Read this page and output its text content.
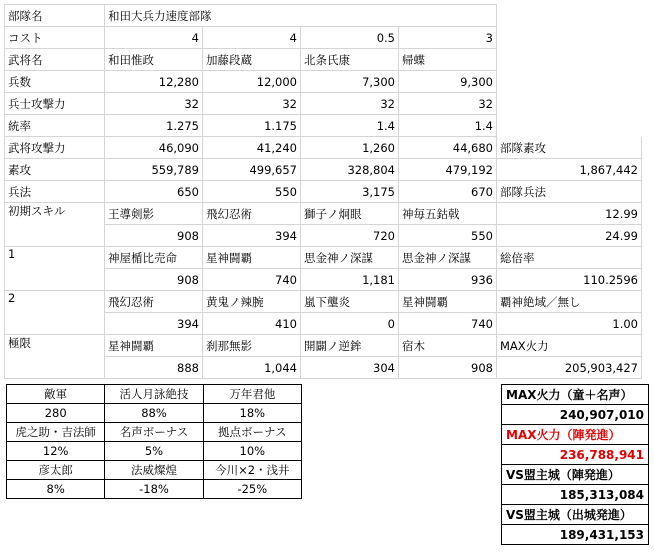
部隊名	和田大兵力速度部隊				
コスト	4	4	0.5	3	
武将名	和田惟政	加藤段蔵	北条氏康	帰蝶	
兵数	12,280	12,000	7,300	9,300	
兵士攻撃力	32	32	32	32	
統率	1.275	1.175	1.4	1.4	
武将攻撃力	46,090	41,240	1,260	44,680	部隊素攻
素攻	559,789	499,657	328,804	479,192	1,867,442
兵法	650	550	3,175	670	部隊兵法
初期スキル	王導剣影	飛幻忍術	獅子ノ炯眼	神毎五鈷戟	12.99
	908	394	720	550	24.99
1	神屋楯比売命	星神闘覇	思金神ノ深謀	思金神ノ深謀	総倍率
	908	740	1,181	936	110.2596
2	飛幻忍術	黄鬼ノ辣腕	嵐下壟炎	星神闘覇	覇神絶域／無し
	394	410	0	740	1.00
極限	星神闘覇	刹那無影	開闢ノ逆鉾	宿木	MAX火力
	888	1,044	304	908	205,903,427
敵軍	活人月詠絶技	万年君他
280	88%	18%
虎之助・吉法師	名声ボーナス	拠点ボーナス
12%	5%	10%
彦太郎	法威燦煌	今川×2・浅井
8%	-18%	-25%
MAX火力（童＋名声）
240,907,010
MAX火力（陣発進）
236,788,941
VS盟主城（陣発進）
185,313,084
VS盟主城（出城発進）
189,431,153
